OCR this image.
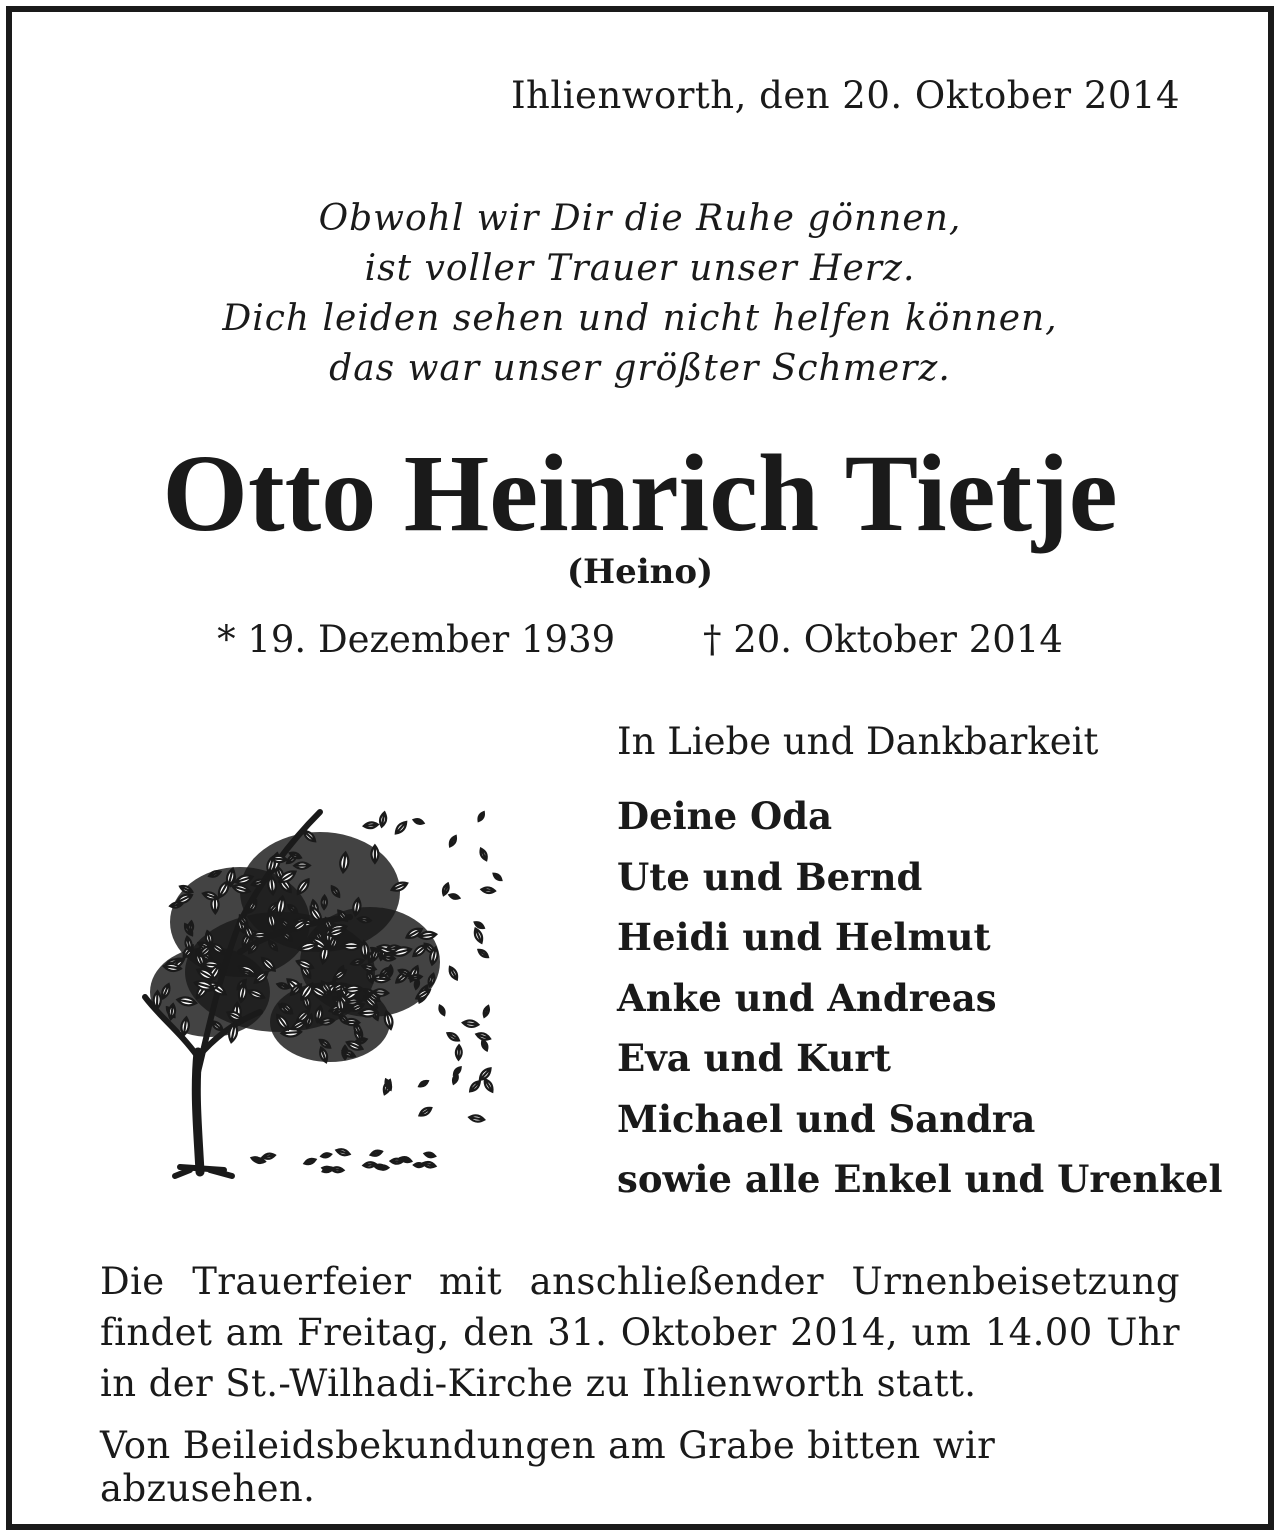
Ihlienworth, den 20. Oktober 2014

Obwohl wir Dir die Ruhe gönnen,
ist voller Trauer unser Herz.
Dich leiden sehen und nicht helfen können,
das war unser größter Schmerz.
Otto Heinrich Tietje

(Heino)

* 19. Dezember 1939 † 20. Oktober 2014

In Liebe und Dankbarkeit

Deine Oda
Ute und Bernd
Heidi und Helmut
Anke und Andreas
Eva und Kurt
Michael und Sandra
sowie alle Enkel und Urenkel

Die Trauerfeier mit anschließender Urnenbeisetzung findet am Freitag, den 31. Oktober 2014, um 14.00 Uhr in der St.-Wilhadi-Kirche zu Ihlienworth statt.

Von Beileidsbekundungen am Grabe bitten wir abzusehen.
